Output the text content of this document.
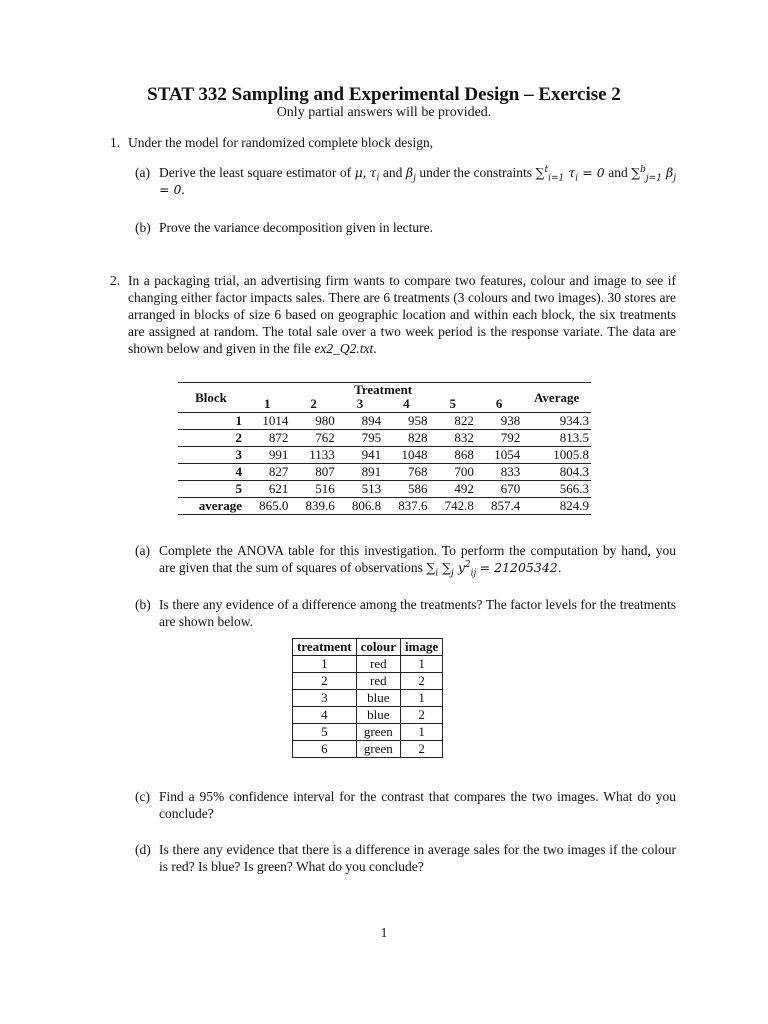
STAT 332 Sampling and Experimental Design – Exercise 2
Only partial answers will be provided.
1. Under the model for randomized complete block design,
(a) Derive the least square estimator of μ, $\tau_i$ and $\beta_j$ under the constraints ∑$^t_{i=1}$ $\tau_i = 0$ and ∑$^b_{j=1}$ $\beta_j = 0$.
(b) Prove the variance decomposition given in lecture.
2. In a packaging trial, an advertising firm wants to compare two features, colour and image to see if changing either factor impacts sales. There are 6 treatments (3 colours and two images). 30 stores are arranged in blocks of size 6 based on geographic location and within each block, the six treatments are assigned at random. The total sale over a two week period is the response variate. The data are shown below and given in the file ex2_Q2.txt.
Block	Treatment						Average
	1	2	3	4	5	6	
1	1014	980	894	958	822	938	934.3
2	872	762	795	828	832	792	813.5
3	991	1133	941	1048	868	1054	1005.8
4	827	807	891	768	700	833	804.3
5	621	516	513	586	492	670	566.3
average	865.0	839.6	806.8	837.6	742.8	857.4	824.9
(a) Complete the ANOVA table for this investigation. To perform the computation by hand, you are given that the sum of squares of observations $\sum_i$ $\sum_j$ $y^2_{ij} = 21205342$.
(b) Is there any evidence of a difference among the treatments? The factor levels for the treatments are shown below.
treatment	colour	image
1	red	1
2	red	2
3	blue	1
4	blue	2
5	green	1
6	green	2
(c) Find a 95% confidence interval for the contrast that compares the two images. What do you conclude?
(d) Is there any evidence that there is a difference in average sales for the two images if the colour is red? Is blue? Is green? What do you conclude?
1
